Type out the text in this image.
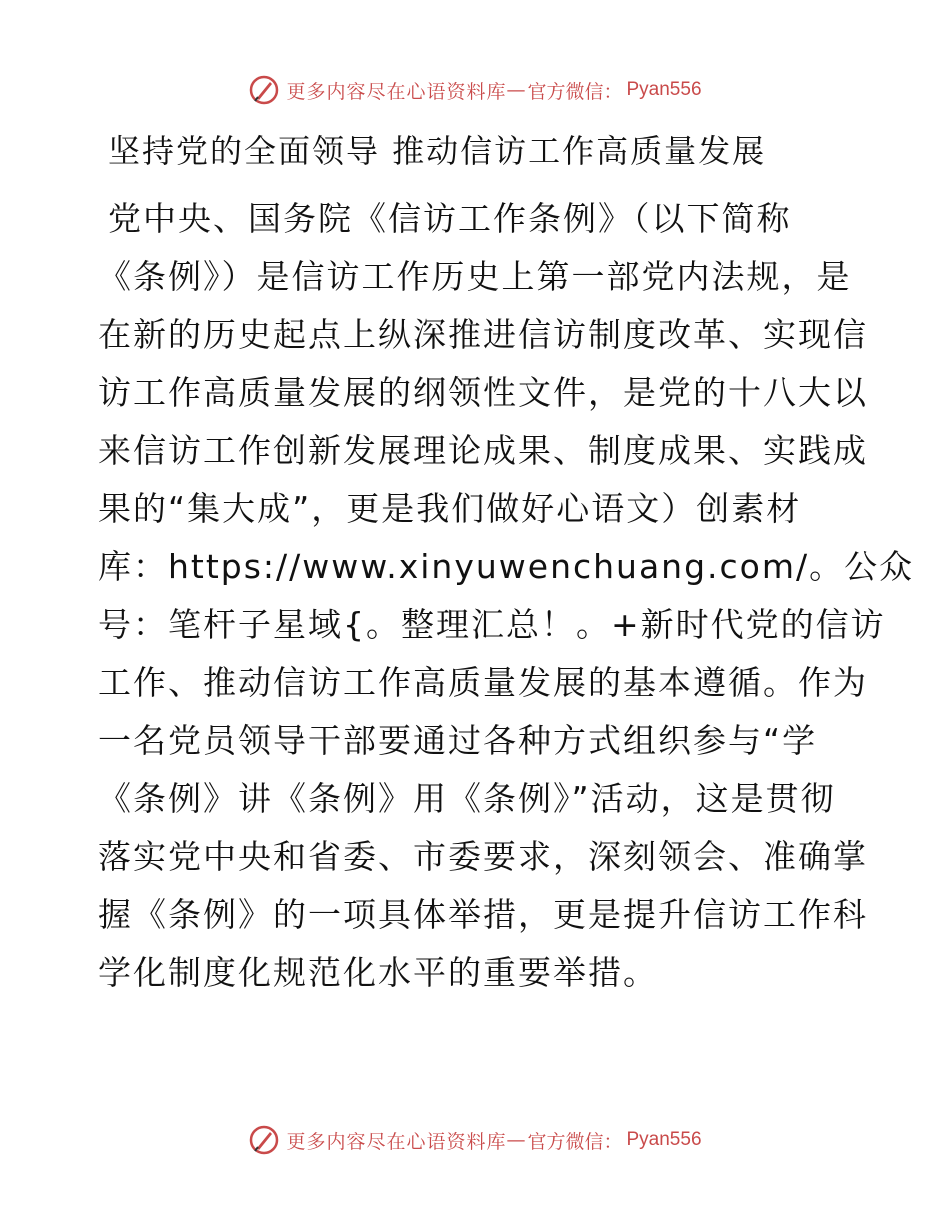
更多内容尽在心语资料库 — 官方微信： Pyan556
坚持党的全面领导 推动信访工作高质量发展
党中央、国务院《信访工作条例》（以下简称
《条例》）是信访工作历史上第一部党内法规，是
在新的历史起点上纵深推进信访制度改革、实现信
访工作高质量发展的纲领性文件，是党的十八大以
来信访工作创新发展理论成果、制度成果、实践成
果的“集大成”，更是我们做好心语文）创素材
库：https://www.xinyuwenchuang.com/。公众
号：笔杆子星域{。整理汇总！。+新时代党的信访
工作、推动信访工作高质量发展的基本遵循。作为
一名党员领导干部要通过各种方式组织参与“学
《条例》讲《条例》用《条例》”活动，这是贯彻
落实党中央和省委、市委要求，深刻领会、准确掌
握《条例》的一项具体举措，更是提升信访工作科
学化制度化规范化水平的重要举措。
更多内容尽在心语资料库 — 官方微信： Pyan556
